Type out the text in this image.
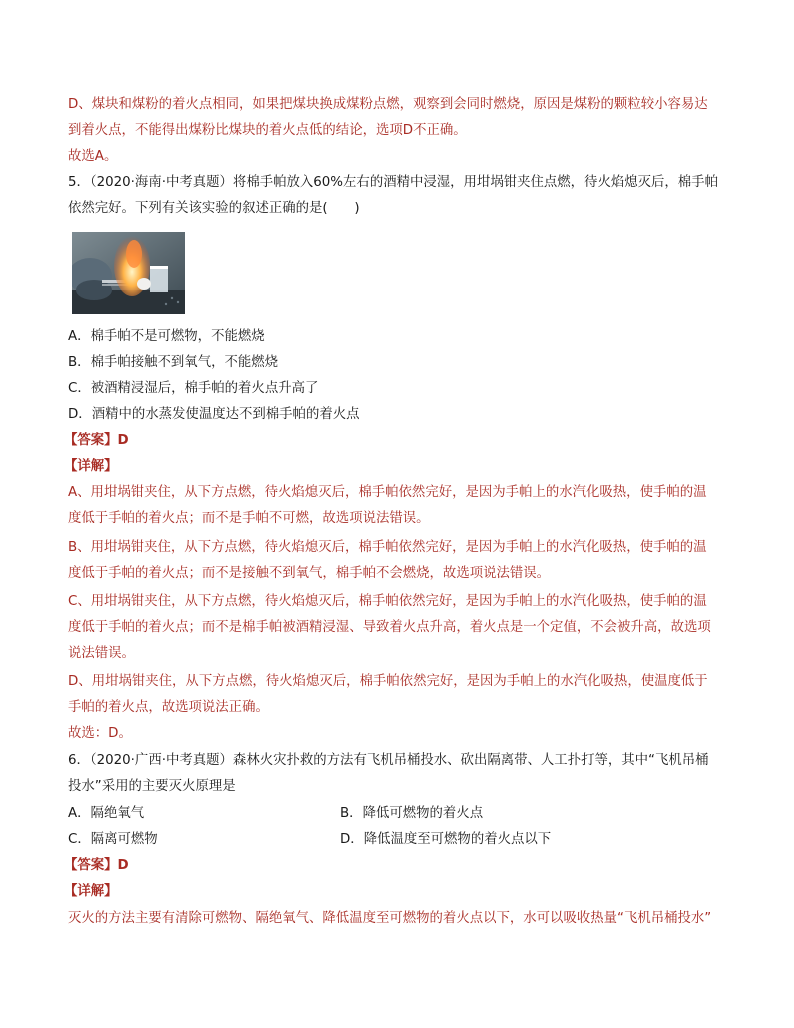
D、煤块和煤粉的着火点相同，如果把煤块换成煤粉点燃，观察到会同时燃烧，原因是煤粉的颗粒较小容易达
到着火点，不能得出煤粉比煤块的着火点低的结论，选项D不正确。
故选A。
5．（2020·海南·中考真题）将棉手帕放入60%左右的酒精中浸湿，用坩埚钳夹住点燃，待火焰熄灭后，棉手帕
依然完好。下列有关该实验的叙述正确的是(　　)
A．棉手帕不是可燃物，不能燃烧
B．棉手帕接触不到氧气，不能燃烧
C．被酒精浸湿后，棉手帕的着火点升高了
D．酒精中的水蒸发使温度达不到棉手帕的着火点
【答案】D
【详解】
A、用坩埚钳夹住，从下方点燃，待火焰熄灭后，棉手帕依然完好，是因为手帕上的水汽化吸热，使手帕的温
度低于手帕的着火点；而不是手帕不可燃，故选项说法错误。
B、用坩埚钳夹住，从下方点燃，待火焰熄灭后，棉手帕依然完好，是因为手帕上的水汽化吸热，使手帕的温
度低于手帕的着火点；而不是接触不到氧气，棉手帕不会燃烧，故选项说法错误。
C、用坩埚钳夹住，从下方点燃，待火焰熄灭后，棉手帕依然完好，是因为手帕上的水汽化吸热，使手帕的温
度低于手帕的着火点；而不是棉手帕被酒精浸湿、导致着火点升高，着火点是一个定值，不会被升高，故选项
说法错误。
D、用坩埚钳夹住，从下方点燃，待火焰熄灭后，棉手帕依然完好，是因为手帕上的水汽化吸热，使温度低于
手帕的着火点，故选项说法正确。
故选：D。
6．（2020·广西·中考真题）森林火灾扑救的方法有飞机吊桶投水、砍出隔离带、人工扑打等，其中“飞机吊桶
投水”采用的主要灭火原理是
A．隔绝氧气	B．降低可燃物的着火点
C．隔离可燃物	D．降低温度至可燃物的着火点以下
【答案】D
【详解】
灭火的方法主要有清除可燃物、隔绝氧气、降低温度至可燃物的着火点以下，水可以吸收热量“飞机吊桶投水”
